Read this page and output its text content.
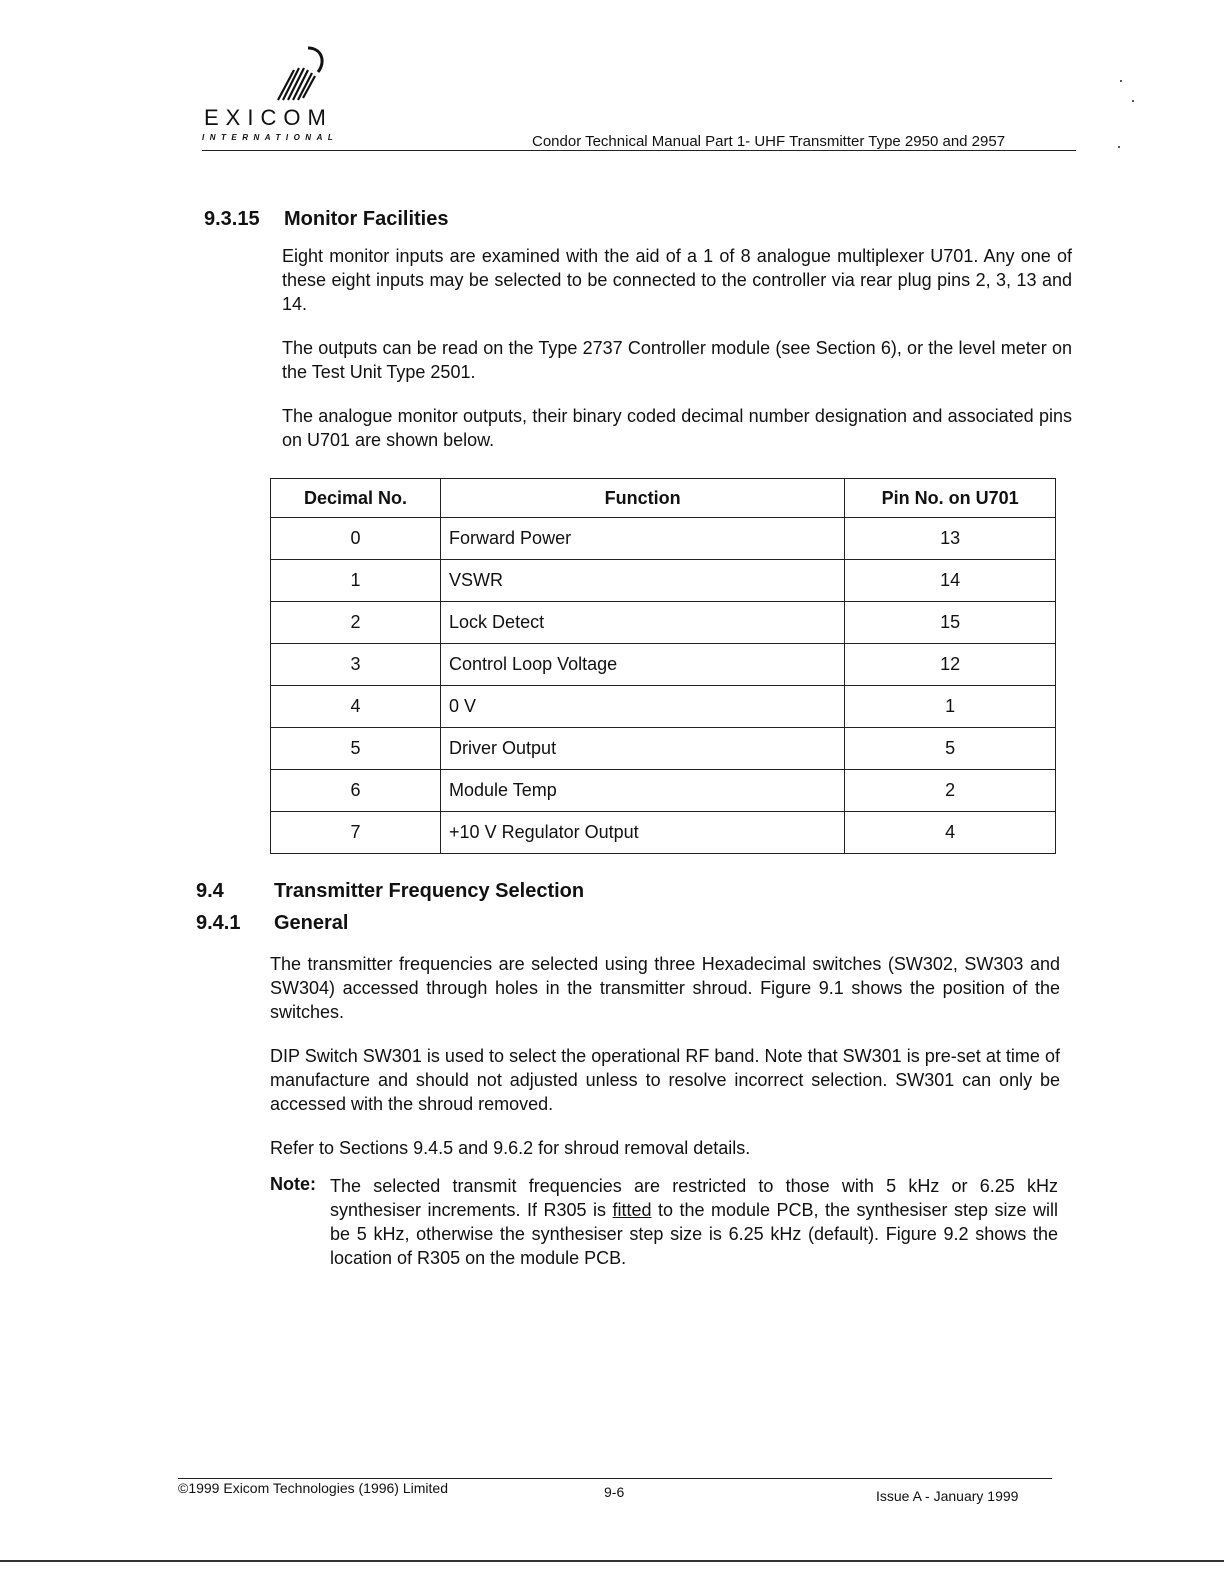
EXICOM
INTERNATIONAL	Condor Technical Manual Part 1- UHF Transmitter Type 2950 and 2957
9.3.15 Monitor Facilities

Eight monitor inputs are examined with the aid of a 1 of 8 analogue multiplexer U701. Any one of these eight inputs may be selected to be connected to the controller via rear plug pins 2, 3, 13 and 14.

The outputs can be read on the Type 2737 Controller module (see Section 6), or the level meter on the Test Unit Type 2501.

The analogue monitor outputs, their binary coded decimal number designation and associated pins on U701 are shown below.

Decimal No.	Function	Pin No. on U701
0	Forward Power	13
1	VSWR	14
2	Lock Detect	15
3	Control Loop Voltage	12
4	0 V	1
5	Driver Output	5
6	Module Temp	2
7	+10 V Regulator Output	4
9.4	Transmitter Frequency Selection
9.4.1 General

The transmitter frequencies are selected using three Hexadecimal switches (SW302, SW303 and SW304) accessed through holes in the transmitter shroud. Figure 9.1 shows the position of the switches.

DIP Switch SW301 is used to select the operational RF band. Note that SW301 is pre-set at time of manufacture and should not adjusted unless to resolve incorrect selection. SW301 can only be accessed with the shroud removed.

Refer to Sections 9.4.5 and 9.6.2 for shroud removal details.

Note: The selected transmit frequencies are restricted to those with 5 kHz or 6.25 kHz synthesiser increments. If R305 is fitted to the module PCB, the synthesiser step size will be 5 kHz, otherwise the synthesiser step size is 6.25 kHz (default). Figure 9.2 shows the location of R305 on the module PCB.

©1999 Exicom Technologies (1996) Limited	9-6	Issue A - January 1999
